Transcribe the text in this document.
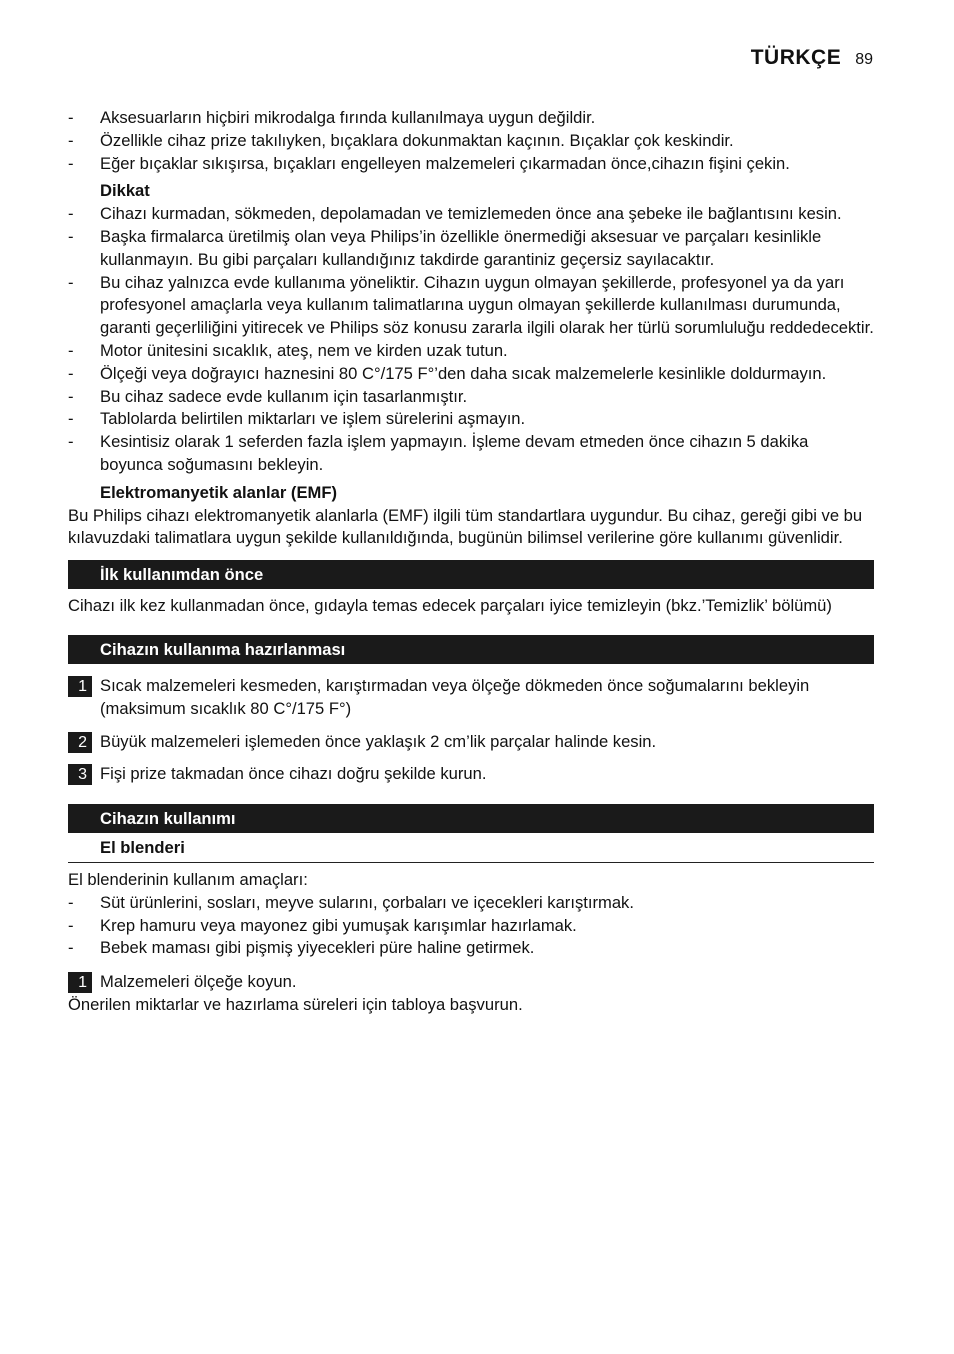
TÜRKÇE 89
-	Aksesuarların hiçbiri mikrodalga fırında kullanılmaya uygun değildir.
-	Özellikle cihaz prize takılıyken, bıçaklara dokunmaktan kaçının. Bıçaklar çok keskindir.
-	Eğer bıçaklar sıkışırsa, bıçakları engelleyen malzemeleri çıkarmadan önce,cihazın fişini çekin.
Dikkat
-	Cihazı kurmadan, sökmeden, depolamadan ve temizlemeden önce ana şebeke ile bağlantısını kesin.
-	Başka firmalarca üretilmiş olan veya Philips’in özellikle önermediği aksesuar ve parçaları kesinlikle kullanmayın. Bu gibi parçaları kullandığınız takdirde garantiniz geçersiz sayılacaktır.
-	Bu cihaz yalnızca evde kullanıma yöneliktir. Cihazın uygun olmayan şekillerde, profesyonel ya da yarı profesyonel amaçlarla veya kullanım talimatlarına uygun olmayan şekillerde kullanılması durumunda, garanti geçerliliğini yitirecek ve Philips söz konusu zararla ilgili olarak her türlü sorumluluğu reddedecektir.
-	Motor ünitesini sıcaklık, ateş, nem ve kirden uzak tutun.
-	Ölçeği veya doğrayıcı haznesini 80 C°/175 F°’den daha sıcak malzemelerle kesinlikle doldurmayın.
-	Bu cihaz sadece evde kullanım için tasarlanmıştır.
-	Tablolarda belirtilen miktarları ve işlem sürelerini aşmayın.
-	Kesintisiz olarak 1 seferden fazla işlem yapmayın. İşleme devam etmeden önce cihazın 5 dakika boyunca soğumasını bekleyin.
Elektromanyetik alanlar (EMF)

Bu Philips cihazı elektromanyetik alanlarla (EMF) ilgili tüm standartlara uygundur. Bu cihaz, gereği gibi ve bu kılavuzdaki talimatlara uygun şekilde kullanıldığında, bugünün bilimsel verilerine göre kullanımı güvenlidir.

İlk kullanımdan önce

Cihazı ilk kez kullanmadan önce, gıdayla temas edecek parçaları iyice temizleyin (bkz.’Temizlik’ bölümü)

Cihazın kullanıma hazırlanması
1 Sıcak malzemeleri kesmeden, karıştırmadan veya ölçeğe dökmeden önce soğumalarını bekleyin (maksimum sıcaklık 80 C°/175 F°)
2 Büyük malzemeleri işlemeden önce yaklaşık 2 cm’lik parçalar halinde kesin.
3 Fişi prize takmadan önce cihazı doğru şekilde kurun.
Cihazın kullanımı
El blenderi

El blenderinin kullanım amaçları:

-	Süt ürünlerini, sosları, meyve sularını, çorbaları ve içecekleri karıştırmak.
-	Krep hamuru veya mayonez gibi yumuşak karışımlar hazırlamak.
-	Bebek maması gibi pişmiş yiyecekleri püre haline getirmek.
1 Malzemeleri ölçeğe koyun.

Önerilen miktarlar ve hazırlama süreleri için tabloya başvurun.
